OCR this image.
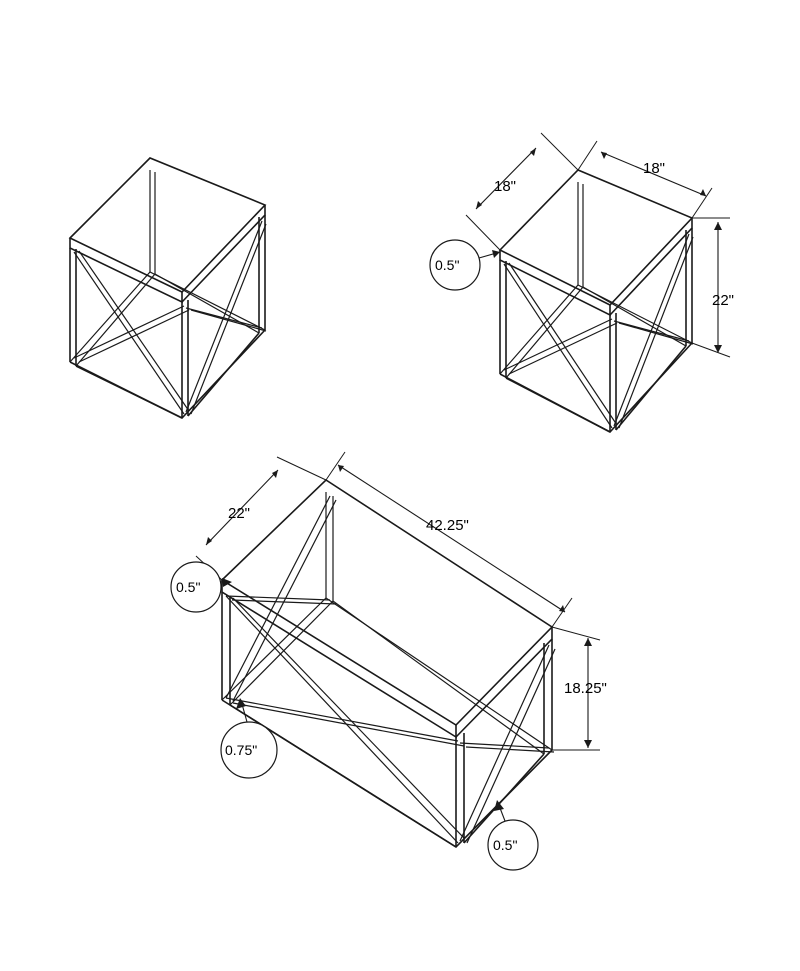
18"
18"
22"
0.5"
22"
42.25"
18.25"
0.5"
0.75"
0.5"
